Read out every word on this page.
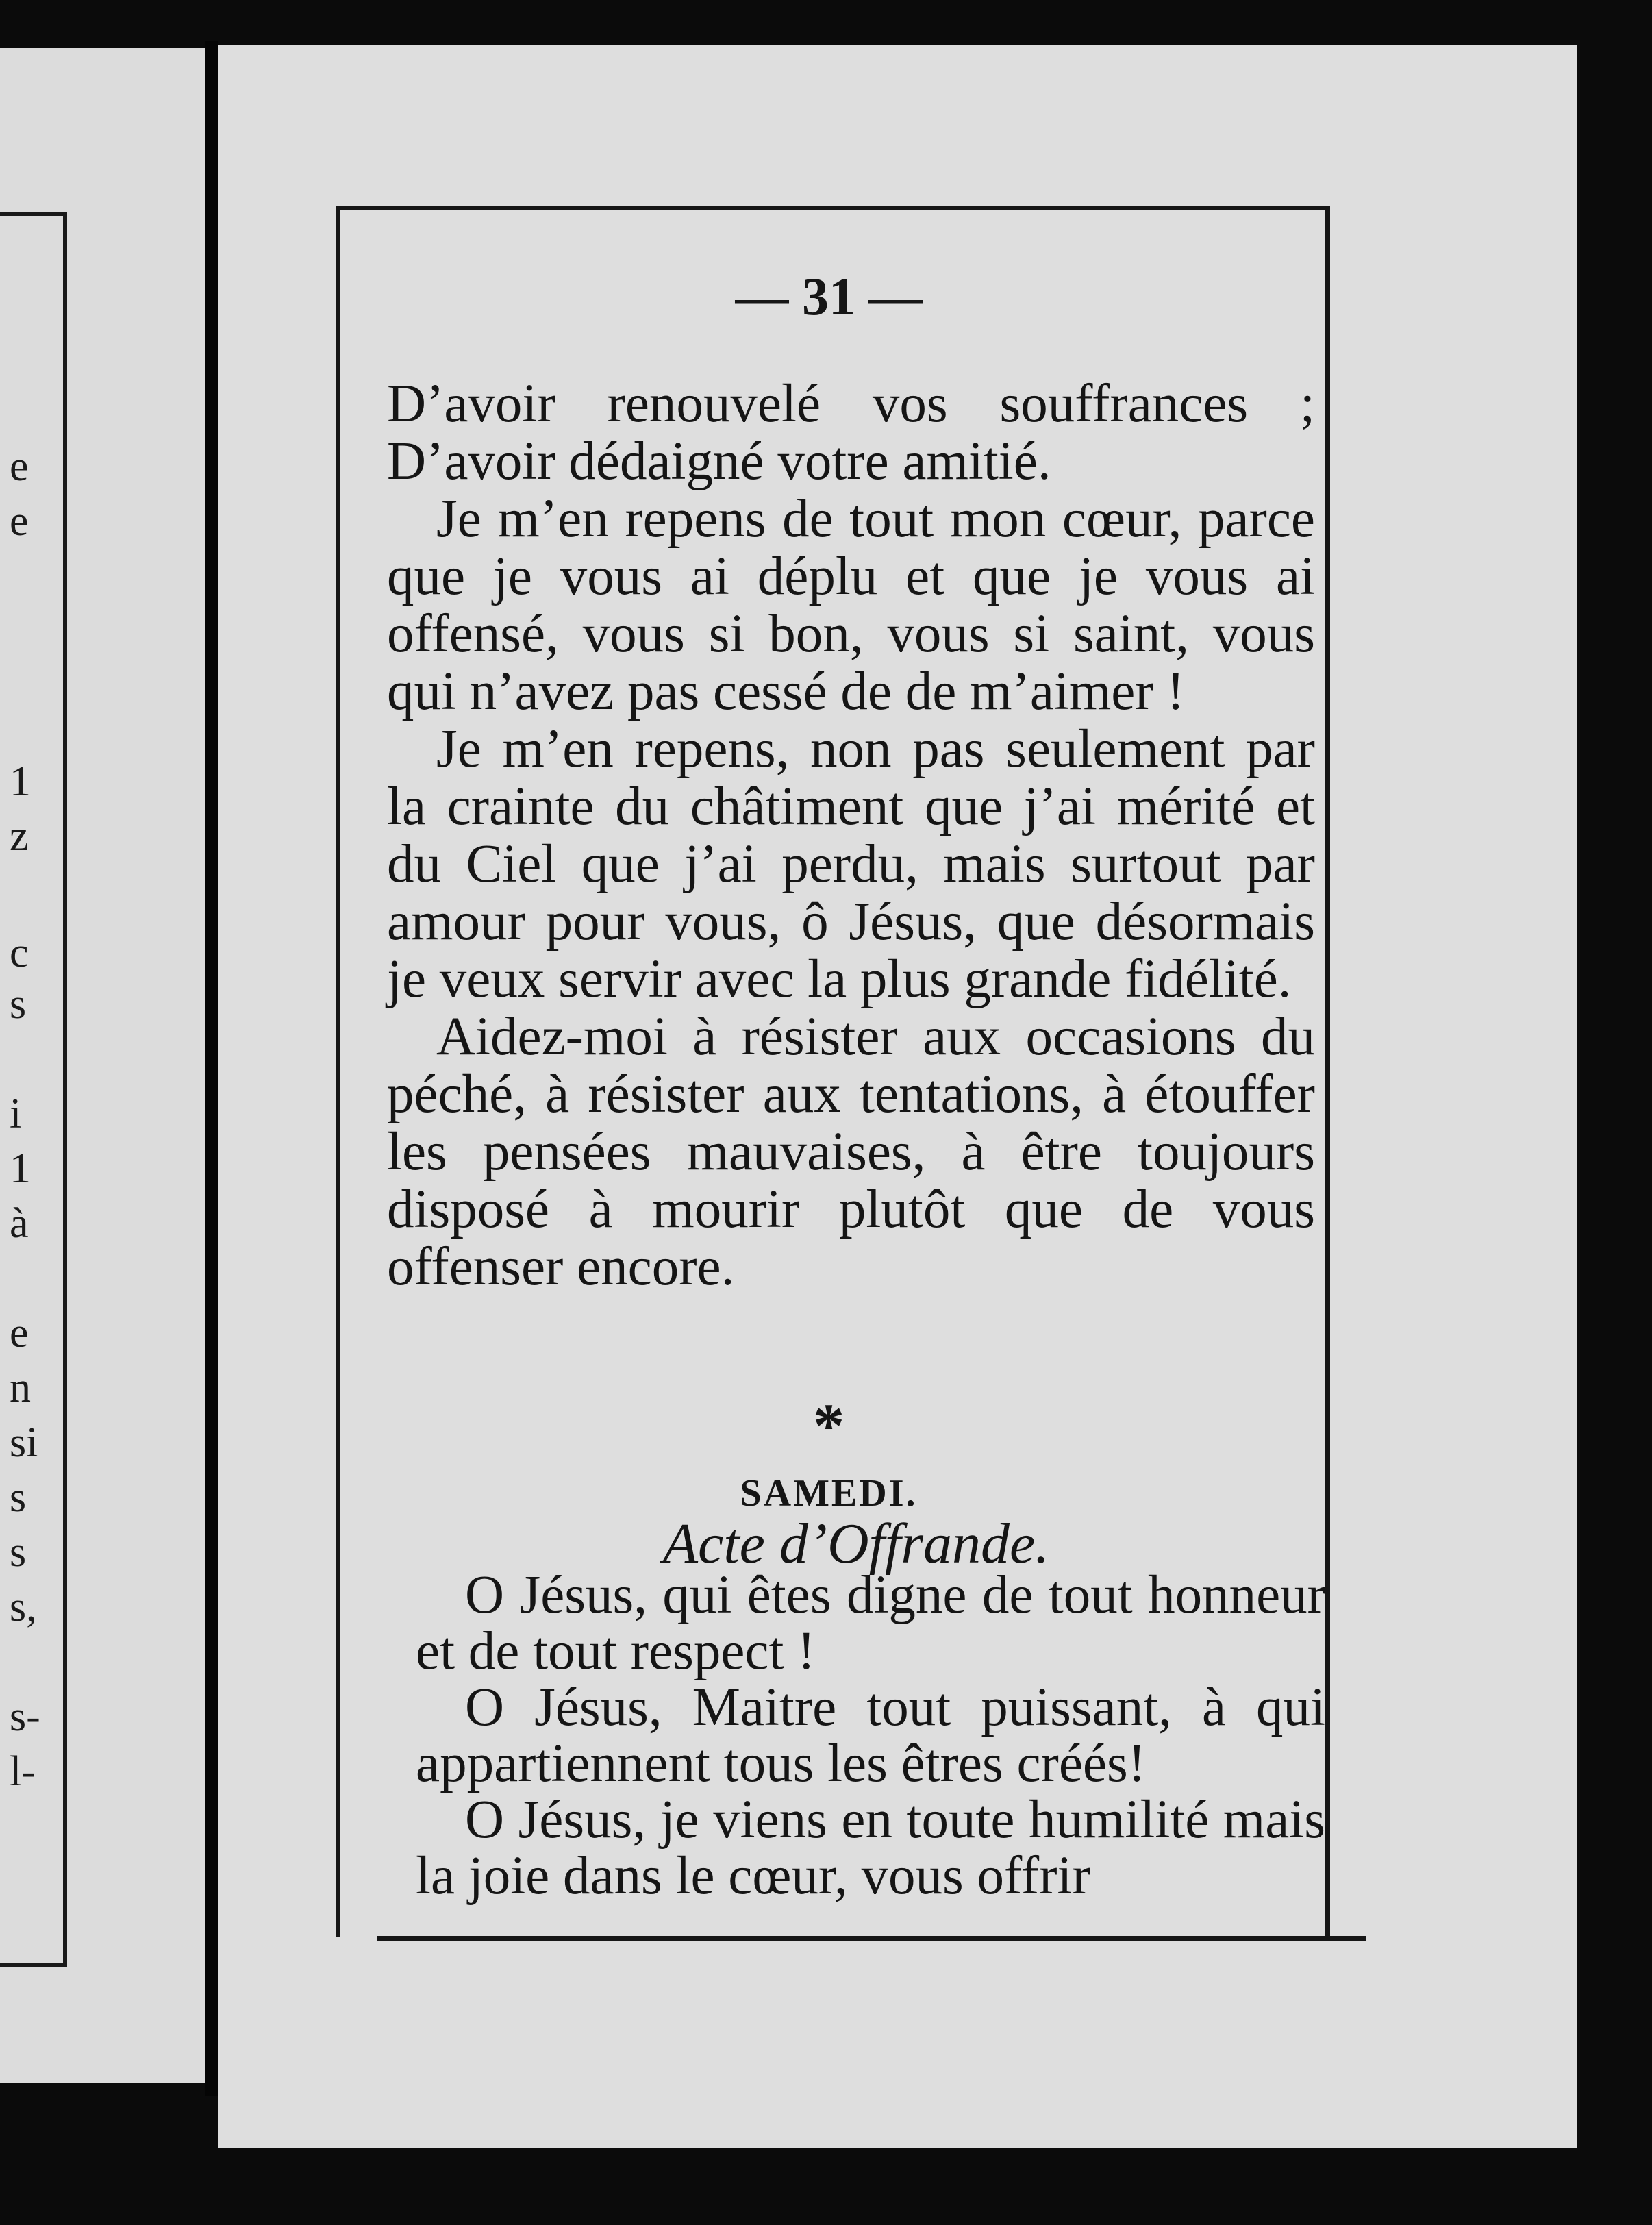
e
e
1
z
c
s
i
1
à
e
n
si
s
s
s,
s-
l-
— 31 —

D’avoir renouvelé vos souffrances ; D’avoir dédaigné votre amitié.

Je m’en repens de tout mon cœur, parce que je vous ai déplu et que je vous ai offensé, vous si bon, vous si saint, vous qui n’avez pas cessé de de m’aimer !

Je m’en repens, non pas seulement par la crainte du châtiment que j’ai mérité et du Ciel que j’ai perdu, mais surtout par amour pour vous, ô Jésus, que désormais je veux servir avec la plus grande fidélité.

Aidez-moi à résister aux occasions du péché, à résister aux tentations, à étouffer les pensées mauvaises, à être toujours disposé à mourir plutôt que de vous offenser encore.

*
SAMEDI.
Acte d’Offrande.

O Jésus, qui êtes digne de tout honneur et de tout respect !

O Jésus, Maitre tout puissant, à qui appartiennent tous les êtres créés!

O Jésus, je viens en toute humilité mais la joie dans le cœur, vous offrir
